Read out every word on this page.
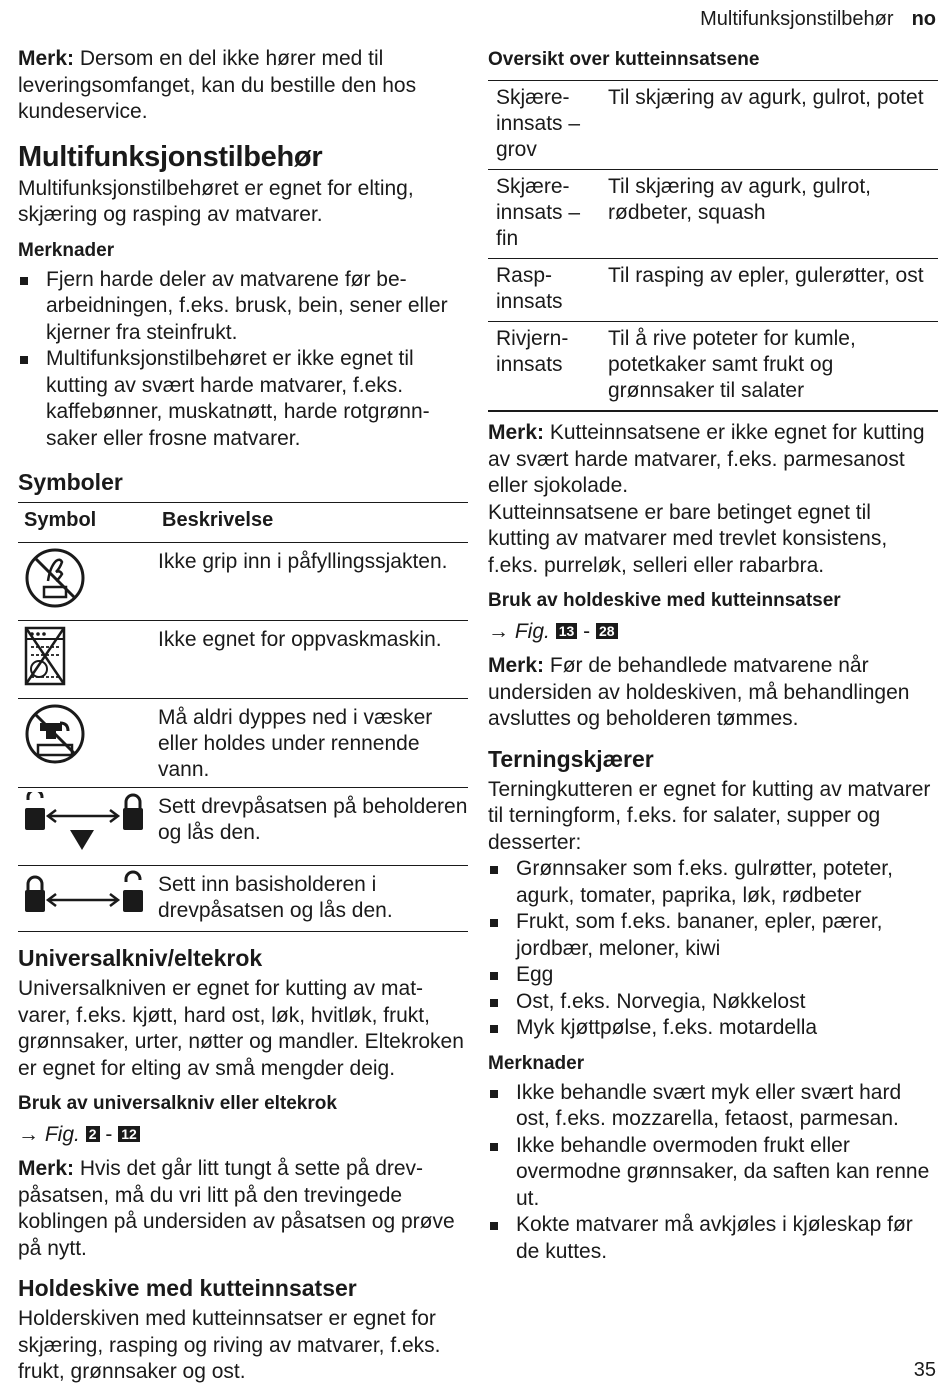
Multifunksjonstilbehør no

Merk: Dersom en del ikke hører med til leveringsomfanget, kan du bestille den hos kundeservice.

Multifunksjonstilbehør

Multifunksjonstilbehøret er egnet for elting, skjæring og rasping av matvarer.

Merknader
Fjern harde deler av matvarene før bearbeidningen, f.eks. brusk, bein, sener eller kjerner fra steinfrukt.
Multifunksjonstilbehøret er ikke egnet til kutting av svært harde matvarer, f.eks. kaffebønner, muskatnøtt, harde rotgrønnsaker eller frosne matvarer.
Symboler
Symbol	Beskrivelse
	Ikke grip inn i påfyllingssjakten.
	Ikke egnet for oppvaskmaskin.
	Må aldri dyppes ned i væsker eller holdes under rennende vann.
	Sett drevpåsatsen på beholderen og lås den.
	Sett inn basisholderen i drevpåsatsen og lås den.
Universalkniv/eltekrok

Universalkniven er egnet for kutting av matvarer, f.eks. kjøtt, hard ost, løk, hvitløk, frukt, grønnsaker, urter, nøtter og mandler. Eltekroken er egnet for elting av små mengder deig.

Bruk av universalkniv eller eltekrok
→ Fig. 2 - 12

Merk: Hvis det går litt tungt å sette på drevpåsatsen, må du vri litt på den trevingede koblingen på undersiden av påsatsen og prøve på nytt.

Holdeskive med kutteinnsatser

Holderskiven med kutteinnsatser er egnet for skjæring, rasping og riving av matvarer, f.eks. frukt, grønnsaker og ost.

Oversikt over kutteinnsatsene
Skjæreinnsats – grov	Til skjæring av agurk, gulrot, potet
Skjæreinnsats – fin	Til skjæring av agurk, gulrot, rødbeter, squash
Raspinnsats	Til rasping av epler, gulerøtter, ost
Rivjerninnsats	Til å rive poteter for kumle, potetkaker samt frukt og grønnsaker til salater

Merk: Kutteinnsatsene er ikke egnet for kutting av svært harde matvarer, f.eks. parmesanost eller sjokolade.

Kutteinnsatsene er bare betinget egnet til kutting av matvarer med trevlet konsistens, f.eks. purreløk, selleri eller rabarbra.

Bruk av holdeskive med kutteinnsatser
→ Fig. 13 - 28

Merk: Før de behandlede matvarene når undersiden av holdeskiven, må behandlingen avsluttes og beholderen tømmes.

Terningskjærer

Terningkutteren er egnet for kutting av matvarer til terningform, f.eks. for salater, supper og desserter:

Grønnsaker som f.eks. gulrøtter, poteter, agurk, tomater, paprika, løk, rødbeter
Frukt, som f.eks. bananer, epler, pærer, jordbær, meloner, kiwi
Egg
Ost, f.eks. Norvegia, Nøkkelost
Myk kjøttpølse, f.eks. motardella
Merknader
Ikke behandle svært myk eller svært hard ost, f.eks. mozzarella, fetaost, parmesan.
Ikke behandle overmoden frukt eller overmodne grønnsaker, da saften kan renne ut.
Kokte matvarer må avkjøles i kjøleskap før de kuttes.
35
